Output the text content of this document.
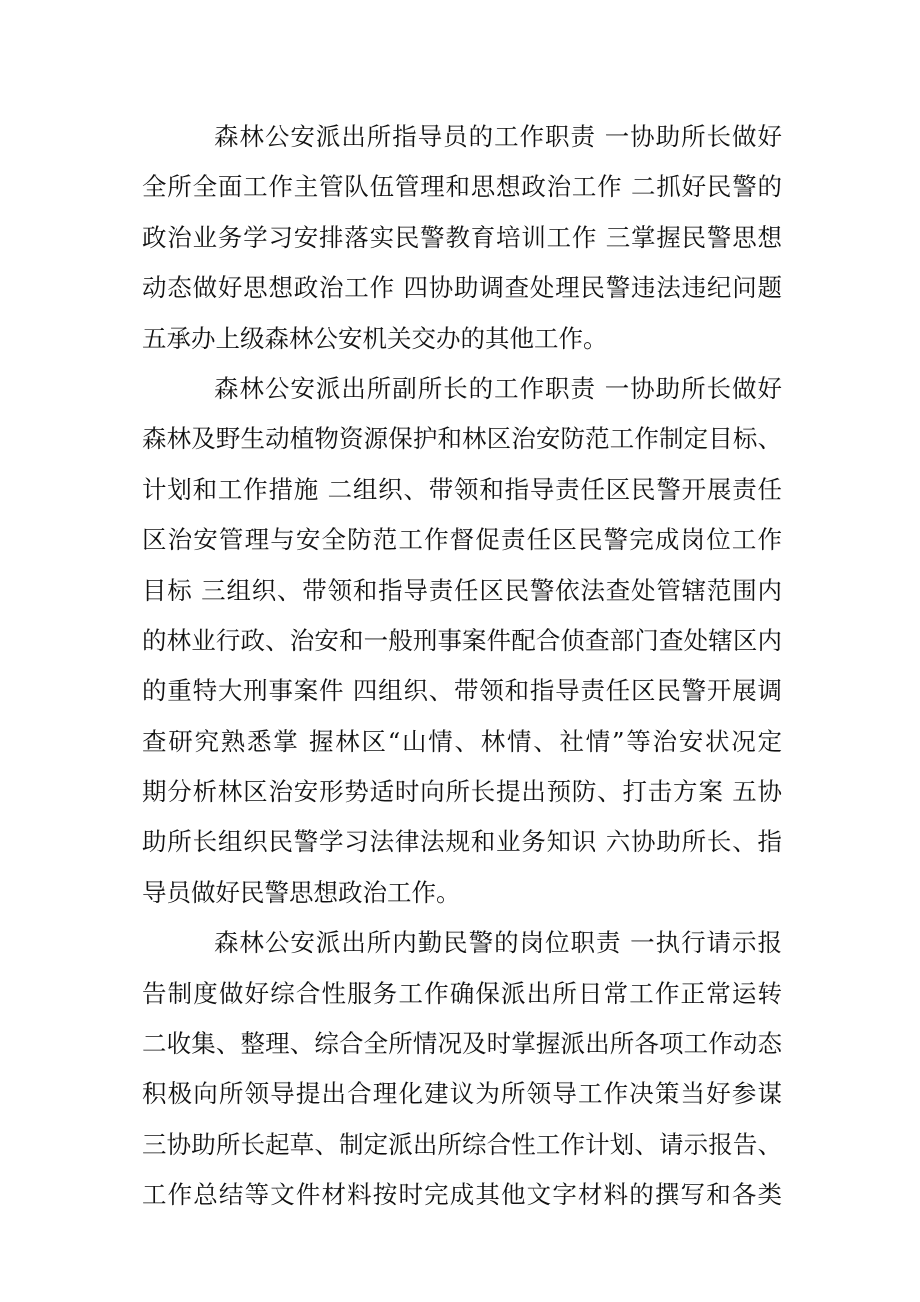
森林公安派出所指导员的工作职责 一协助所长做好
全所全面工作主管队伍管理和思想政治工作 二抓好民警的
政治业务学习安排落实民警教育培训工作 三掌握民警思想
动态做好思想政治工作 四协助调查处理民警违法违纪问题
五承办上级森林公安机关交办的其他工作。
森林公安派出所副所长的工作职责 一协助所长做好
森林及野生动植物资源保护和林区治安防范工作制定目标、
计划和工作措施 二组织、带领和指导责任区民警开展责任
区治安管理与安全防范工作督促责任区民警完成岗位工作
目标 三组织、带领和指导责任区民警依法查处管辖范围内
的林业行政、治安和一般刑事案件配合侦查部门查处辖区内
的重特大刑事案件 四组织、带领和指导责任区民警开展调
查研究熟悉掌 握林区“山情、林情、社情”等治安状况定
期分析林区治安形势适时向所长提出预防、打击方案 五协
助所长组织民警学习法律法规和业务知识 六协助所长、指
导员做好民警思想政治工作。
森林公安派出所内勤民警的岗位职责 一执行请示报
告制度做好综合性服务工作确保派出所日常工作正常运转
二收集、整理、综合全所情况及时掌握派出所各项工作动态
积极向所领导提出合理化建议为所领导工作决策当好参谋
三协助所长起草、制定派出所综合性工作计划、请示报告、
工作总结等文件材料按时完成其他文字材料的撰写和各类
